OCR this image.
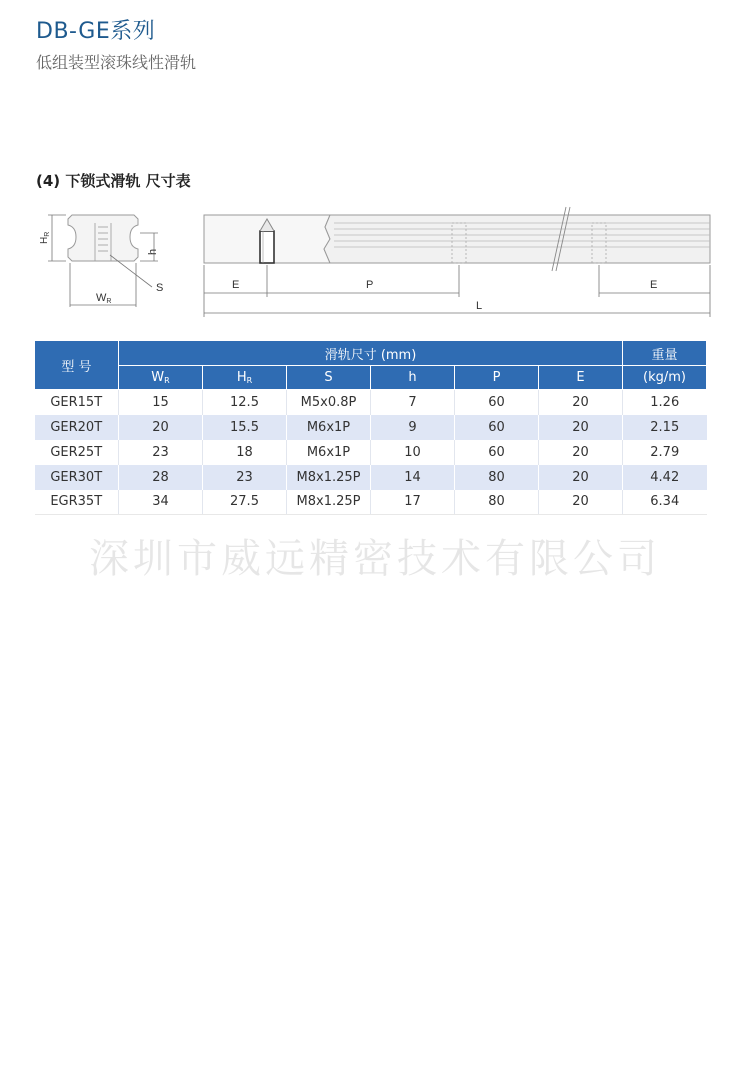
DB-GE系列
低组装型滚珠线性滑轨
(4) 下锁式滑轨 尺寸表
$H_R$
h
S
WR
E	P	E
L
型 号	滑轨尺寸 (mm)						重量
	$W_R$	$H_R$	S	h	P	E	(kg/m)
GER15T	15	12.5	M5x0.8P	7	60	20	1.26
GER20T	20	15.5	M6x1P	9	60	20	2.15
GER25T	23	18	M6x1P	10	60	20	2.79
GER30T	28	23	M8x1.25P	14	80	20	4.42
EGR35T	34	27.5	M8x1.25P	17	80	20	6.34
深圳市威远精密技术有限公司
